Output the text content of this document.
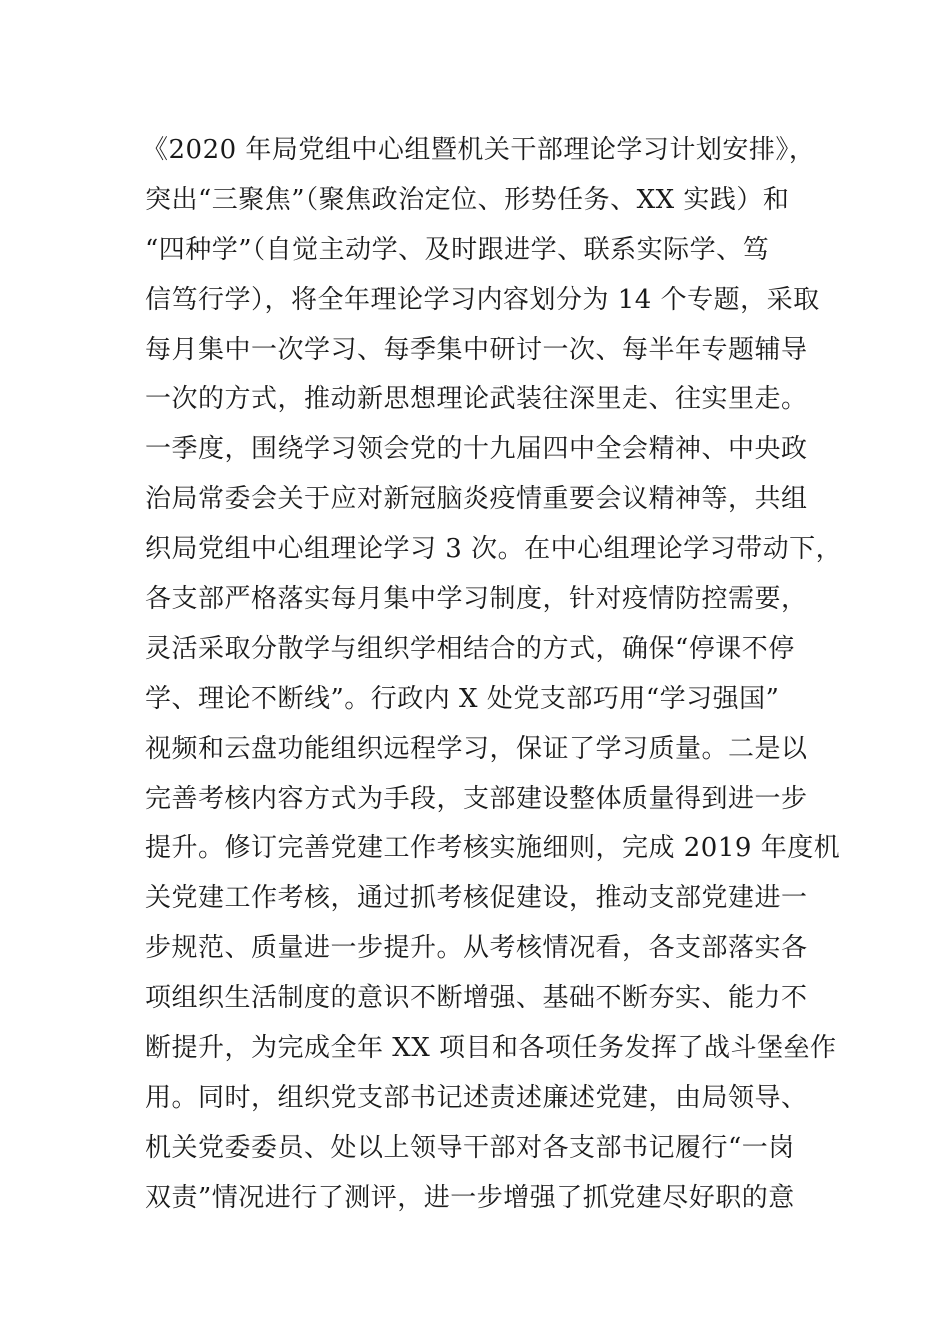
《2020 年局党组中心组暨机关干部理论学习计划安排》，
突出“三聚焦”（聚焦政治定位、形势任务、XX 实践）和
“四种学”（自觉主动学、及时跟进学、联系实际学、笃
信笃行学），将全年理论学习内容划分为 14 个专题，采取
每月集中一次学习、每季集中研讨一次、每半年专题辅导
一次的方式，推动新思想理论武装往深里走、往实里走。
一季度，围绕学习领会党的十九届四中全会精神、中央政
治局常委会关于应对新冠脑炎疫情重要会议精神等，共组
织局党组中心组理论学习 3 次。在中心组理论学习带动下，
各支部严格落实每月集中学习制度，针对疫情防控需要，
灵活采取分散学与组织学相结合的方式，确保“停课不停
学、理论不断线”。行政内 X 处党支部巧用“学习强国”
视频和云盘功能组织远程学习，保证了学习质量。二是以
完善考核内容方式为手段，支部建设整体质量得到进一步
提升。修订完善党建工作考核实施细则，完成 2019 年度机
关党建工作考核，通过抓考核促建设，推动支部党建进一
步规范、质量进一步提升。从考核情况看，各支部落实各
项组织生活制度的意识不断增强、基础不断夯实、能力不
断提升，为完成全年 XX 项目和各项任务发挥了战斗堡垒作
用。同时，组织党支部书记述责述廉述党建，由局领导、
机关党委委员、处以上领导干部对各支部书记履行“一岗
双责”情况进行了测评，进一步增强了抓党建尽好职的意
